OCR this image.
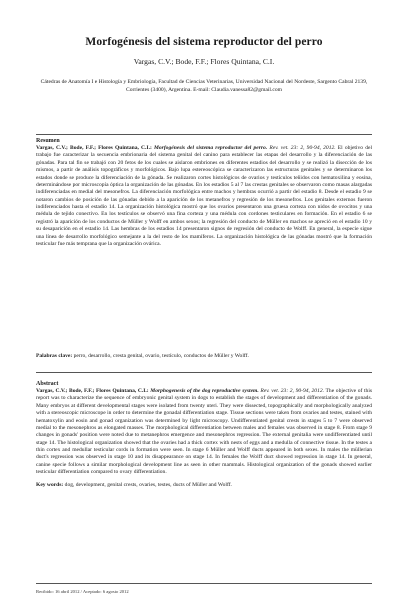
Morfogénesis del sistema reproductor del perro
Vargas, C.V.; Bode, F.F.; Flores Quintana, C.I.
Cátedras de Anatomía I e Histología y Embriología, Facultad de Ciencias Veterinarias, Universidad Nacional del Nordeste, Sargento Cabral 2139, Corrientes (3400), Argentina. E-mail: Claudia.vanessa82@gmail.com
Resumen

Vargas, C.V.; Bode, F.F.; Flores Quintana, C.I.: Morfogénesis del sistema reproductor del perro. Rev. vet. 23: 2, 90-94, 2012. El objetivo del trabajo fue caracterizar la secuencia embrionaria del sistema genital del canino para establecer las etapas del desarrollo y la diferenciación de las gónadas. Para tal fin se trabajó con 20 fetos de los cuales se aislaron embriones en diferentes estadios del desarrollo y se realizó la disección de los mismos, a partir de análisis topográficos y morfológicos. Bajo lupa estereoscópica se caracterizaron las estructuras genitales y se determinaron los estados donde se produce la diferenciación de la gónada. Se realizaron cortes histológicos de ovarios y testículos teñidos con hematoxilina y eosina, determinándose por microscopía óptica la organización de las gónadas. En los estadios 5 al 7 las crestas genitales se observaron como masas alargadas indiferenciadas en medial del mesonefros. La diferenciación morfológica entre machos y hembras ocurrió a partir del estadio 8. Desde el estadio 9 se notaron cambios de posición de las gónadas debido a la aparición de los metanefros y regresión de los mesonefros. Los genitales externos fueron indiferenciados hasta el estadio 14. La organización histológica mostró que los ovarios presentaron una gruesa corteza con nidos de ovocitos y una médula de tejido conectivo. En los testículos se observó una fina corteza y una médula con cordones testiculares en formación. En el estadio 6 se registró la aparición de los conductos de Müller y Wolff en ambos sexos; la regresión del conducto de Müller en machos se apreció en el estadio 10 y su desaparición en el estadio 14. Las hembras de los estadios 14 presentaron signos de regresión del conducto de Wolff. En general, la especie sigue una línea de desarrollo morfológico semejante a la del resto de los mamíferos. La organización histológica de las gónadas mostró que la formación testicular fue más temprana que la organización ovárica.

Palabras clave: perro, desarrollo, cresta genital, ovario, testículo, conductos de Müller y Wolff.

Abstract

Vargas, C.V.; Bode, F.F.; Flores Quintana, C.I.: Morphogenesis of the dog reproductive system. Rev. vet. 23: 2, 90-94, 2012. The objective of this report was to characterize the sequence of embryonic genital system in dogs to establish the stages of development and differentiation of the gonads. Many embryos at different developmental stages were isolated from twenty uteri. They were dissected, topographically and morphologically analyzed with a stereoscopic microscope in order to determine the gonadal differentiation stage. Tissue sections were taken from ovaries and testes, stained with hematoxylin and eosin and gonad organization was determined by light microscopy. Undifferentiated genital crests in stages 5 to 7 were observed medial to the mesonephros as elongated masses. The morphological differentiation between males and females was observed in stage 8. From stage 9 changes in gonads' position were noted due to metanephros emergence and mesonephros regression. The external genitalia were undifferentiated until stage 14. The histological organization showed that the ovaries had a thick cortex with nests of eggs and a medulla of connective tissue. In the testes a thin cortex and medullar testicular cords in formation were seen. In stage 6 Müller and Wolff ducts appeared in both sexes. In males the müllerian duct's regression was observed in stage 10 and its disappearance on stage 14. In females the Wolff duct showed regression in stage 14. In general, canine specie follows a similar morphological development line as seen in other mammals. Histological organization of the gonads showed earlier testicular differentiation compared to ovary differentiation.

Key words: dog, development, genital crests, ovaries, testes, ducts of Müller and Wolff.

Recibido: 16 abril 2012 / Aceptado: 6 agosto 2012
